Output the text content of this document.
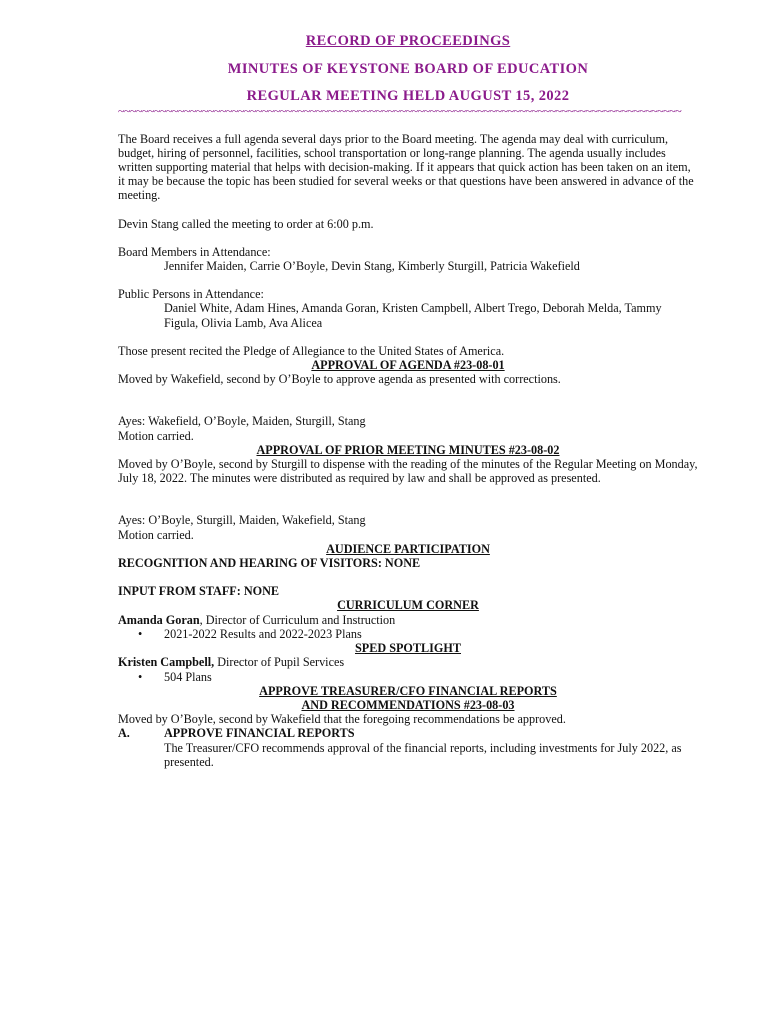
RECORD OF PROCEEDINGS

MINUTES OF KEYSTONE BOARD OF EDUCATION

REGULAR MEETING HELD AUGUST 15, 2022

~~~~~~~~~~~~~~~~~~~~~~~~~~~~~~~~~~~~~~~~~~~~~~~~~~~~~~~~~~~~~~~~~~~~~~~~~~~~~~~~~~~~~~~~~~~~~~

The Board receives a full agenda several days prior to the Board meeting. The agenda may deal with curriculum, budget, hiring of personnel, facilities, school transportation or long-range planning. The agenda usually includes written supporting material that helps with decision-making. If it appears that quick action has been taken on an item, it may be because the topic has been studied for several weeks or that questions have been answered in advance of the meeting.

Devin Stang called the meeting to order at 6:00 p.m.

Board Members in Attendance:

Jennifer Maiden, Carrie O’Boyle, Devin Stang, Kimberly Sturgill, Patricia Wakefield

Public Persons in Attendance:

Daniel White, Adam Hines, Amanda Goran, Kristen Campbell, Albert Trego, Deborah Melda, Tammy Figula, Olivia Lamb, Ava Alicea

Those present recited the Pledge of Allegiance to the United States of America.

APPROVAL OF AGENDA #23-08-01

Moved by Wakefield, second by O’Boyle to approve agenda as presented with corrections.

Ayes: Wakefield, O’Boyle, Maiden, Sturgill, Stang

Motion carried.

APPROVAL OF PRIOR MEETING MINUTES #23-08-02

Moved by O’Boyle, second by Sturgill to dispense with the reading of the minutes of the Regular Meeting on Monday, July 18, 2022. The minutes were distributed as required by law and shall be approved as presented.

Ayes: O’Boyle, Sturgill, Maiden, Wakefield, Stang

Motion carried.

AUDIENCE PARTICIPATION

RECOGNITION AND HEARING OF VISITORS: NONE

INPUT FROM STAFF: NONE

CURRICULUM CORNER

Amanda Goran, Director of Curriculum and Instruction

• 2021-2022 Results and 2022-2023 Plans

SPED SPOTLIGHT

Kristen Campbell, Director of Pupil Services

• 504 Plans

APPROVE TREASURER/CFO FINANCIAL REPORTS

AND RECOMMENDATIONS #23-08-03

Moved by O’Boyle, second by Wakefield that the foregoing recommendations be approved.

A.	APPROVE FINANCIAL REPORTS

The Treasurer/CFO recommends approval of the financial reports, including investments for July 2022, as presented.
